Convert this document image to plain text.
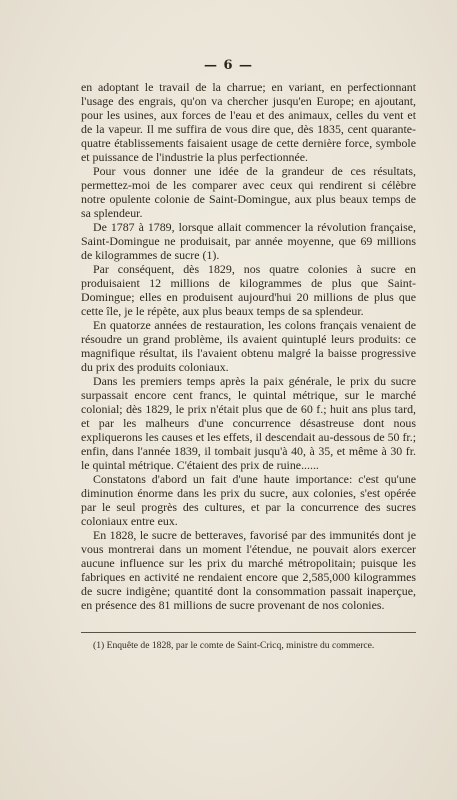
— 6 —

en adoptant le travail de la charrue; en variant, en perfectionnant l'usage des engrais, qu'on va chercher jusqu'en Europe; en ajoutant, pour les usines, aux forces de l'eau et des animaux, celles du vent et de la vapeur. Il me suffira de vous dire que, dès 1835, cent quarante-quatre établissements faisaient usage de cette dernière force, symbole et puissance de l'industrie la plus perfectionnée.

Pour vous donner une idée de la grandeur de ces résultats, permettez-moi de les comparer avec ceux qui rendirent si célèbre notre opulente colonie de Saint-Domingue, aux plus beaux temps de sa splendeur.

De 1787 à 1789, lorsque allait commencer la révolution française, Saint-Domingue ne produisait, par année moyenne, que 69 millions de kilogrammes de sucre (1).

Par conséquent, dès 1829, nos quatre colonies à sucre en produisaient 12 millions de kilogrammes de plus que Saint-Domingue; elles en produisent aujourd'hui 20 millions de plus que cette île, je le répète, aux plus beaux temps de sa splendeur.

En quatorze années de restauration, les colons français venaient de résoudre un grand problème, ils avaient quintuplé leurs produits: ce magnifique résultat, ils l'avaient obtenu malgré la baisse progressive du prix des produits coloniaux.

Dans les premiers temps après la paix générale, le prix du sucre surpassait encore cent francs, le quintal métrique, sur le marché colonial; dès 1829, le prix n'était plus que de 60 f.; huit ans plus tard, et par les malheurs d'une concurrence désastreuse dont nous expliquerons les causes et les effets, il descendait au-dessous de 50 fr.; enfin, dans l'année 1839, il tombait jusqu'à 40, à 35, et même à 30 fr. le quintal métrique. C'étaient des prix de ruine......

Constatons d'abord un fait d'une haute importance: c'est qu'une diminution énorme dans les prix du sucre, aux colonies, s'est opérée par le seul progrès des cultures, et par la concurrence des sucres coloniaux entre eux.

En 1828, le sucre de betteraves, favorisé par des immunités dont je vous montrerai dans un moment l'étendue, ne pouvait alors exercer aucune influence sur les prix du marché métropolitain; puisque les fabriques en activité ne rendaient encore que 2,585,000 kilogrammes de sucre indigène; quantité dont la consommation passait inaperçue, en présence des 81 millions de sucre provenant de nos colonies.

(1) Enquête de 1828, par le comte de Saint-Cricq, ministre du commerce.
